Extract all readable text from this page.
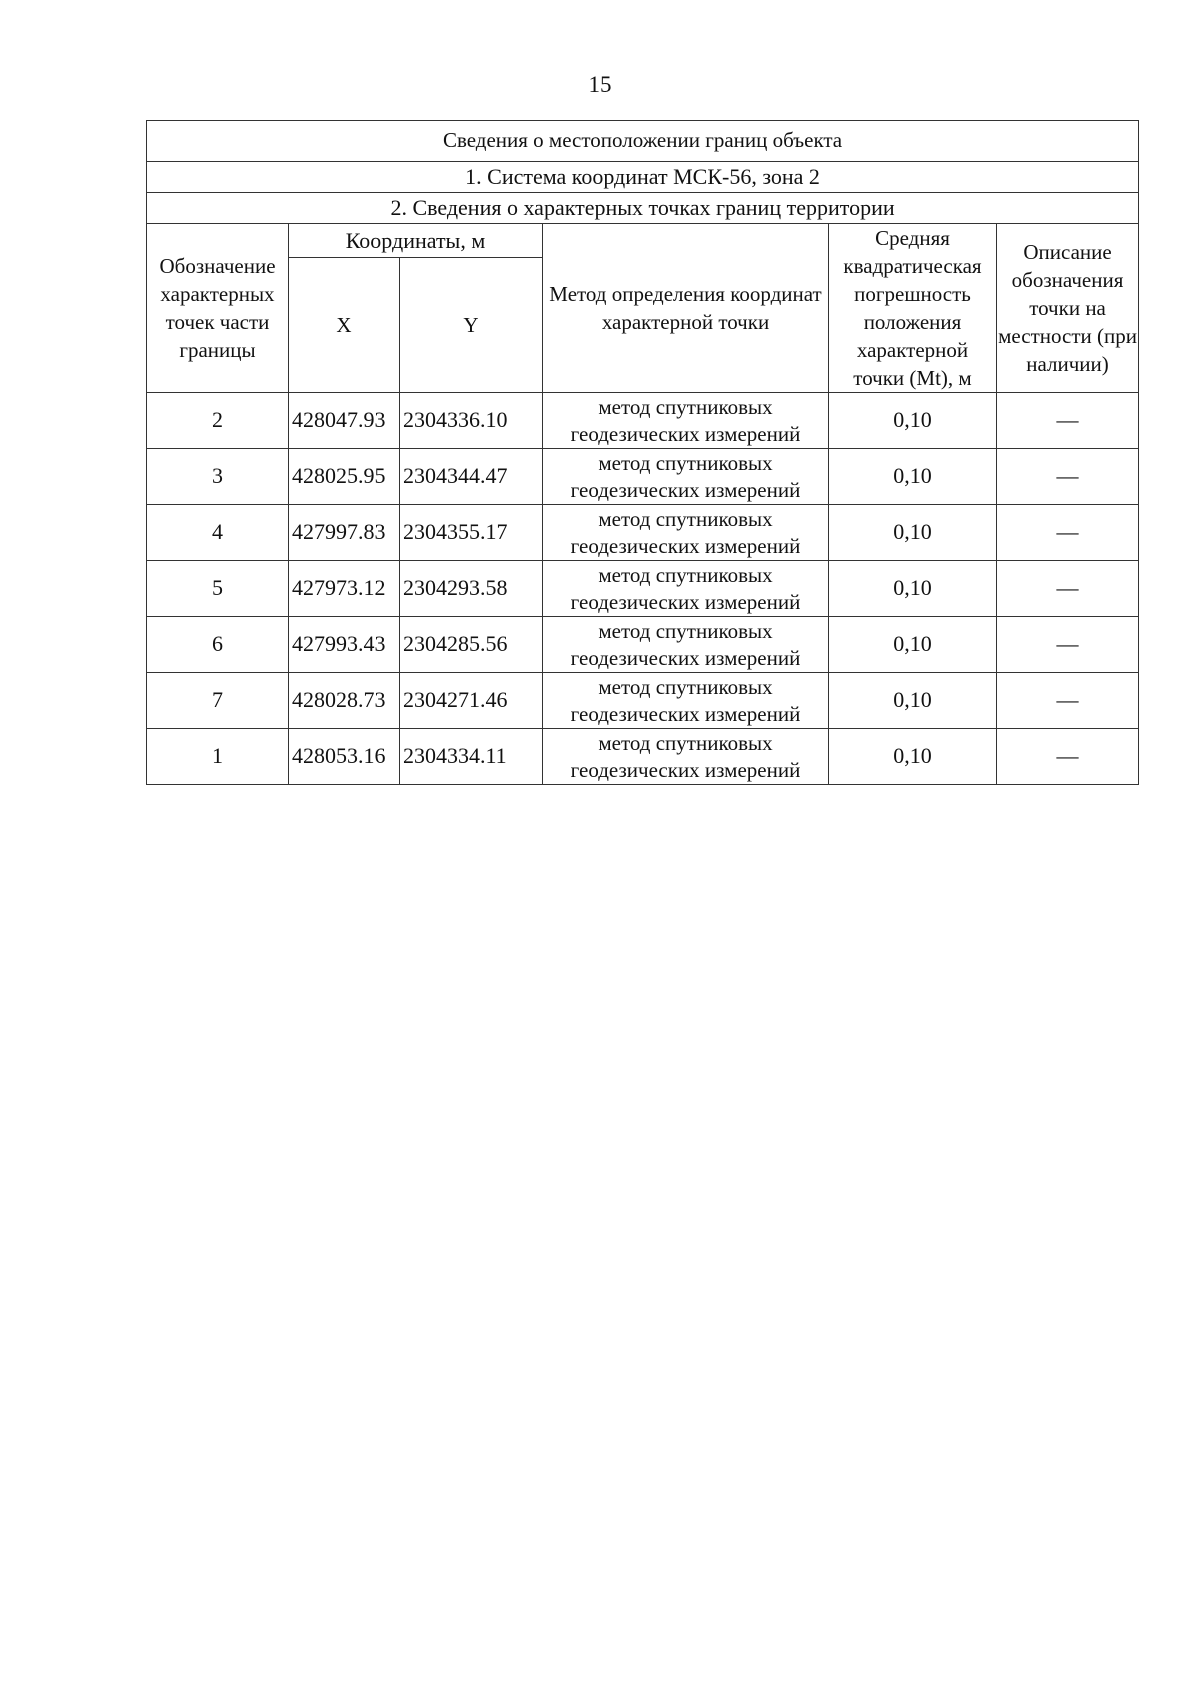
15
Сведения о местоположении границ объекта					
1. Система координат МСК-56, зона 2					
2. Сведения о характерных точках границ территории					
Обозначение характерных точек части границы	Координаты, м		Метод определения координат характерной точки	Средняя квадратическая погрешность положения характерной точки (Mt), м	Описание обозначения точки на местности (при наличии)
	X	Y			
2	428047.93	2304336.10	метод спутниковых геодезических измерений	0,10	—
3	428025.95	2304344.47	метод спутниковых геодезических измерений	0,10	—
4	427997.83	2304355.17	метод спутниковых геодезических измерений	0,10	—
5	427973.12	2304293.58	метод спутниковых геодезических измерений	0,10	—
6	427993.43	2304285.56	метод спутниковых геодезических измерений	0,10	—
7	428028.73	2304271.46	метод спутниковых геодезических измерений	0,10	—
1	428053.16	2304334.11	метод спутниковых геодезических измерений	0,10	—
